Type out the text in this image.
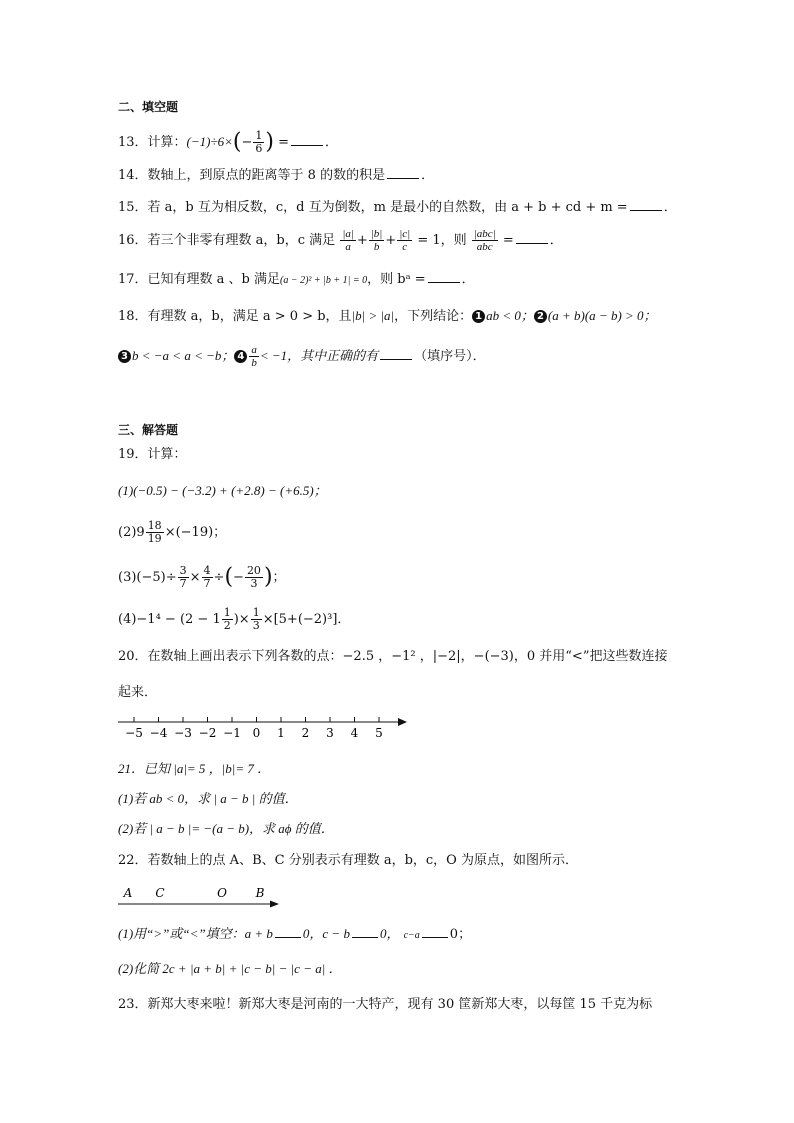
二、填空题
13．计算：$(-1)\div 6\times(- \frac{1}{6}$ ) =	．
14．数轴上，到原点的距离等于 8 的数的积是	．
15．若 a，b 互为相反数，c，d 互为倒数，m 是最小的自然数，由 a + b + cd + m =	．
16．若三个非零有理数 a，b，c 满足 $\frac{|a|}{a} + \frac{|b|}{b} + \frac{|c|}{c} = 1$，则 $\frac{\text{|abc|}}{\text{abc}}$ =	．
17．已知有理数 a 、b 满足(a − 2)² + |b + 1| = 0，则 bᵃ =	．
18．有理数 a，b，满足 a > 0 > b，且|b| > |a|，下列结论： 1 ab < 0； 2 (a + b)(a − b) > 0；
3 b < −a < a < −b； $4 \frac{a}{b} < -1$，其中正确的有	（填序号）．
三、解答题
19．计算：
(1)(−0.5) − (−3.2) + (+2.8) − (+6.5)；
$(2)9 \frac{18}{19} \times(-19)$；
$(3)(-5)\div \frac{3}{7} \times \frac{4}{7}$ ÷(− $\frac{20}{3}$ )；
$(4)-1^4 - (2 - 1 \frac{1}{2}$ )× $\frac{1}{3} \times[5+(-2)^3]$．
20．在数轴上画出表示下列各数的点：−2.5 ，−1² ，|−2|，−(−3)，0 并用“<”把这些数连接
起来．
−5 −4 −3 −2 −1 0 1 2 3 4 5
21．已知 |a|= 5 ，|b|= 7 ．
(1)若 ab < 0，求 | a − b | 的值．
(2)若 | a − b |= −(a − b)，求 aϕ 的值．
22．若数轴上的点 A、B、C 分别表示有理数 a，b，c，O 为原点，如图所示．
A C	O B
(1)用“>”或“<”填空：a + b 0，c − b 0， c−a 0；
(2)化简 2c + |a + b| + |c − b| − |c − a| ．
23．新郑大枣来啦！新郑大枣是河南的一大特产，现有 30 筐新郑大枣，以每筐 15 千克为标
